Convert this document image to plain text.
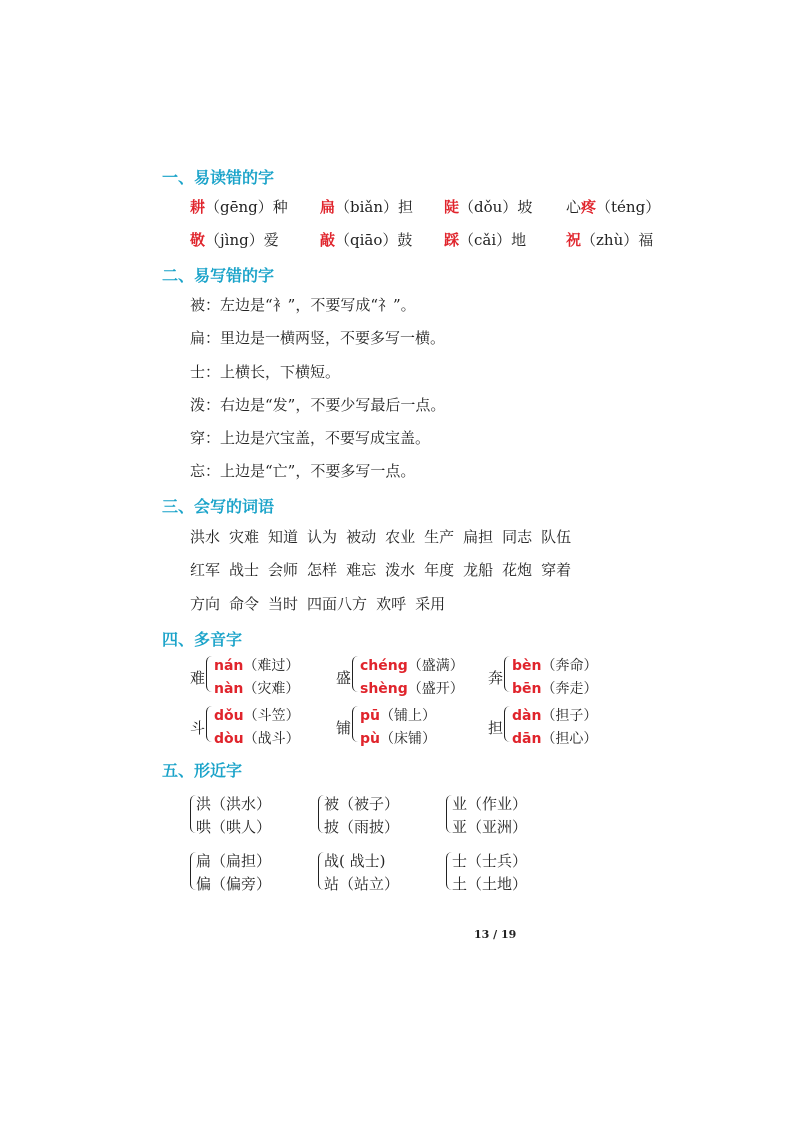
一、易读错的字
耕（gēng）种 扁（biǎn）担 陡（dǒu）坡 心疼（téng）
敬（jìng）爱	敲（qiāo）鼓 踩（cǎi）地	祝（zhù）福
二、易写错的字
被：左边是“衤”，不要写成“礻”。
扁：里边是一横两竖，不要多写一横。
士：上横长，下横短。
泼：右边是“发”，不要少写最后一点。
穿：上边是穴宝盖，不要写成宝盖。
忘：上边是“亡”，不要多写一点。
三、会写的词语
洪水 灾难 知道 认为 被动 农业 生产 扁担 同志 队伍
红军 战士 会师 怎样 难忘 泼水 年度 龙船 花炮 穿着
方向 命令 当时 四面八方 欢呼 采用
四、多音字
难
nán（难过）
nàn（灾难）
盛
chéng（盛满）
shèng（盛开）
奔
bèn（奔命）
bēn（奔走）
斗
dǒu（斗笠）
dòu（战斗）
铺
pū（铺上）
pù（床铺）
担
dàn（担子）
dān（担心）
五、形近字
洪（洪水）
哄（哄人）
被（被子）
披（雨披）
业（作业）
亚（亚洲）
扁（扁担）
偏（偏旁）
战( 战士)
站（站立）
士（士兵）
土（土地）
13 / 19
